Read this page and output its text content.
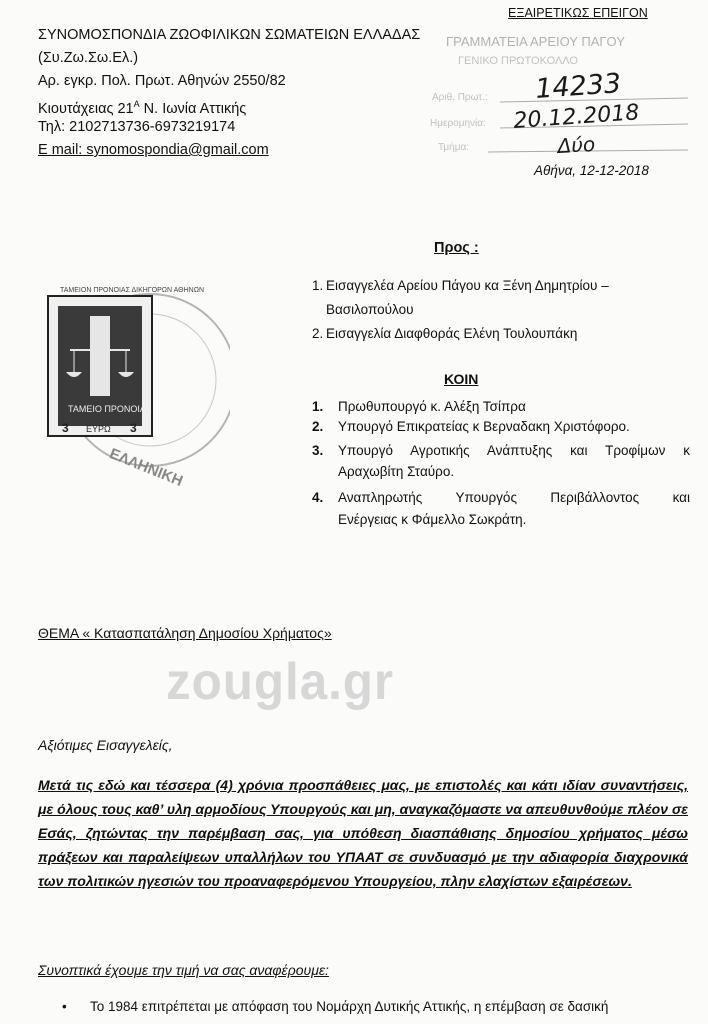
ΣΥΝΟΜΟΣΠΟΝΔΙΑ ΖΩΟΦΙΛΙΚΩΝ ΣΩΜΑΤΕΙΩΝ ΕΛΛΑΔΑΣ
(Συ.Ζω.Σω.Ελ.)
Αρ. εγκρ. Πολ. Πρωτ. Αθηνών 2550/82
Κιουτάχειας $21^A$ Ν. Ιωνία Αττικής
Τηλ: 2102713736-6973219174
E mail: synomospondia@gmail.com
ΕΞΑΙΡΕΤΙΚΩΣ ΕΠΕΙΓΟΝ
ΓΡΑΜΜΑΤΕΙΑ ΑΡΕΙΟΥ ΠΑΓΟΥ
ΓΕΝΙΚΟ ΠΡΩΤΟΚΟΛΛΟ
Αριθ. Πρωτ.:
Ημερομηνία:
Τμήμα:
14233
20.12.2018
Δύο
Αθήνα, 12-12-2018
ΕΛΛΗΝΙΚΗ
ΤΑΜΕΙΟ ΠΡΟΝΟΙΑΣ
ΤΑΜΕΙΟΝ ΠΡΟΝΟΙΑΣ ΔΙΚΗΓΟΡΩΝ ΑΘΗΝΩΝ
3 ΕΥΡΩ 3
Προς :
1. Εισαγγελέα Αρείου Πάγου κα Ξένη Δημητρίου –
Βασιλοπούλου
2. Εισαγγελία Διαφθοράς Ελένη Τουλουπάκη
ΚΟΙΝ
1. Πρωθυπουργό κ. Αλέξη Τσίπρα
2. Υπουργό Επικρατείας κ Βερναδακη Χριστόφορο.
3. Υπουργό Αγροτικής Ανάπτυξης και Τροφίμων κ
Αραχωβίτη Σταύρο.
4. Αναπληρωτής Υπουργός Περιβάλλοντος και
Ενέργειας κ Φάμελλο Σωκράτη.
ΘΕΜΑ « Κατασπατάληση Δημοσίου Χρήματος»
zougla.gr
Αξιότιμες Εισαγγελείς,
Μετά τις εδώ και τέσσερα (4) χρόνια προσπάθειες μας, με επιστολές και κάτι ιδίαν συναντήσεις, με όλους τους καθ’ υλη αρμοδίους Υπουργούς και μη, αναγκαζόμαστε να απευθυνθούμε πλέον σε Εσάς, ζητώντας την παρέμβαση σας, για υπόθεση διασπάθισης δημοσίου χρήματος μέσω πράξεων και παραλείψεων υπαλλήλων του ΥΠΑΑΤ σε συνδυασμό με την αδιαφορία διαχρονικά των πολιτικών ηγεσιών του προαναφερόμενου Υπουργείου, πλην ελαχίστων εξαιρέσεων.
Συνοπτικά έχουμε την τιμή να σας αναφέρουμε:
• Το 1984 επιτρέπεται με απόφαση του Νομάρχη Δυτικής Αττικής, η επέμβαση σε δασική
